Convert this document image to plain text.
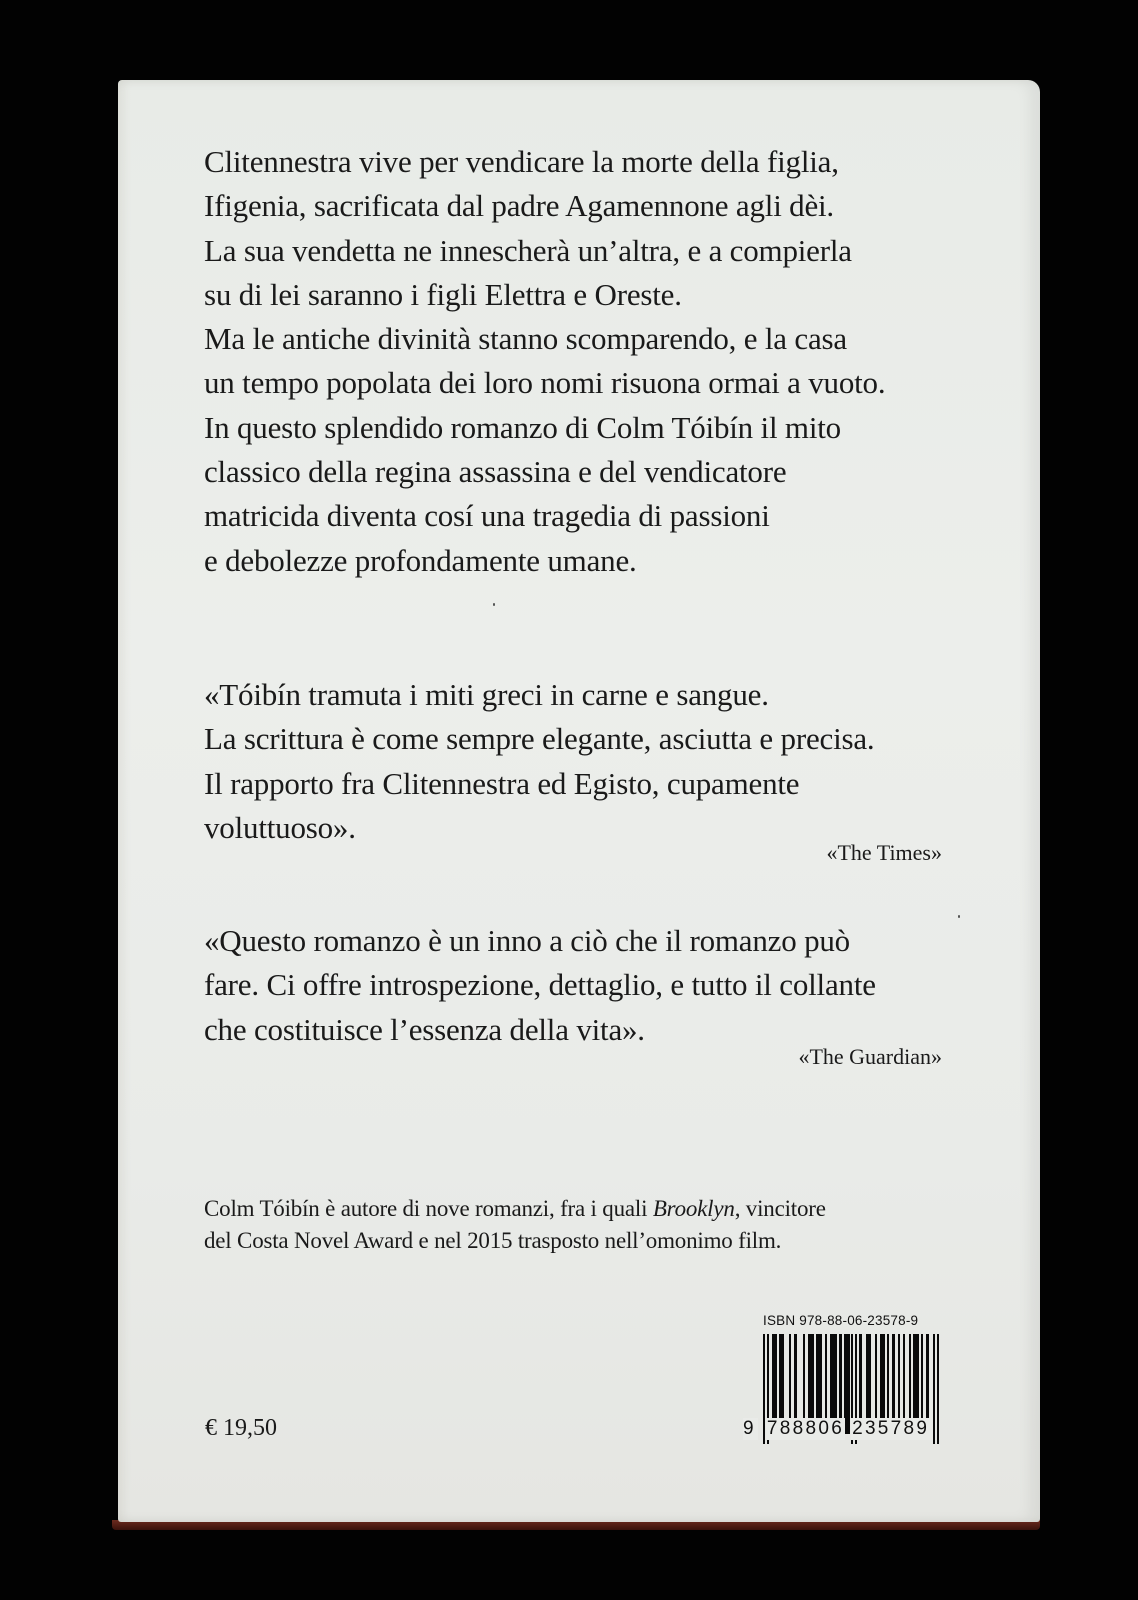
Clitennestra vive per vendicare la morte della figlia,

Ifigenia, sacrificata dal padre Agamennone agli dèi.

La sua vendetta ne innescherà un’altra, e a compierla

su di lei saranno i figli Elettra e Oreste.

Ma le antiche divinità stanno scomparendo, e la casa

un tempo popolata dei loro nomi risuona ormai a vuoto.

In questo splendido romanzo di Colm Tóibín il mito

classico della regina assassina e del vendicatore

matricida diventa cosí una tragedia di passioni

e debolezze profondamente umane.

«Tóibín tramuta i miti greci in carne e sangue.

La scrittura è come sempre elegante, asciutta e precisa.

Il rapporto fra Clitennestra ed Egisto, cupamente

voluttuoso».

«The Times»

«Questo romanzo è un inno a ciò che il romanzo può

fare. Ci offre introspezione, dettaglio, e tutto il collante

che costituisce l’essenza della vita».

«The Guardian»

Colm Tóibín è autore di nove romanzi, fra i quali Brooklyn, vincitore

del Costa Novel Award e nel 2015 trasposto nell’omonimo film.

€ 19,50
ISBN 978-88-06-23578-9
9 788806 235789
